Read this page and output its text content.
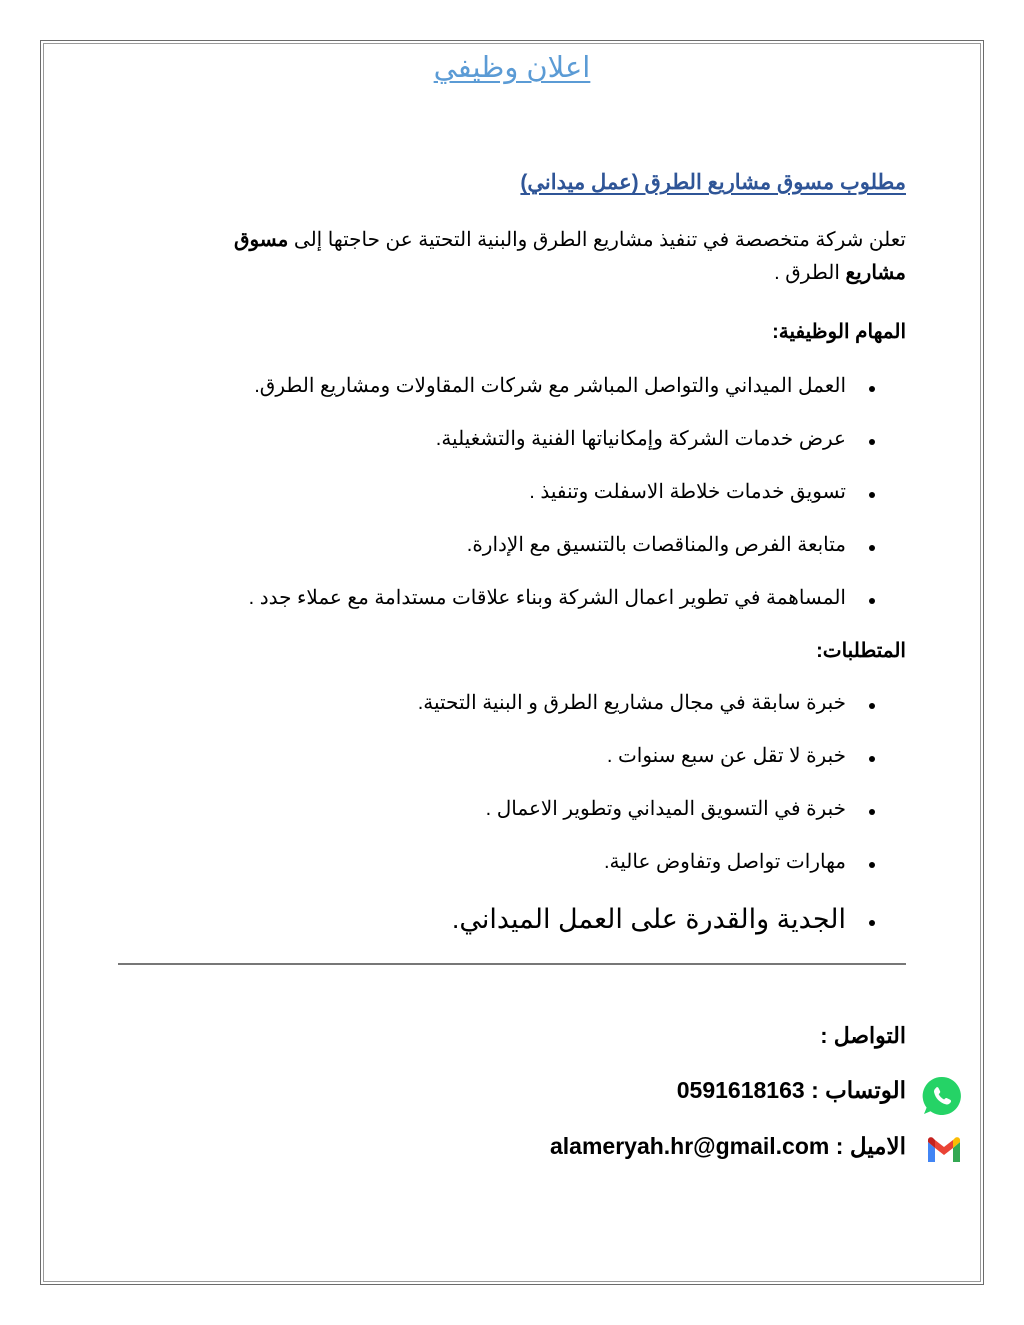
اعلان وظيفي
مطلوب مسوق مشاريع الطرق (عمل ميداني)
تعلن شركة متخصصة في تنفيذ مشاريع الطرق والبنية التحتية عن حاجتها إلى مسوق مشاريع الطرق .
المهام الوظيفية:
العمل الميداني والتواصل المباشر مع شركات المقاولات ومشاريع الطرق.
عرض خدمات الشركة وإمكانياتها الفنية والتشغيلية.
تسويق خدمات خلاطة الاسفلت وتنفيذ .
متابعة الفرص والمناقصات بالتنسيق مع الإدارة.
المساهمة في تطوير اعمال الشركة وبناء علاقات مستدامة مع عملاء جدد .
المتطلبات:
خبرة سابقة في مجال مشاريع الطرق و البنية التحتية.
خبرة لا تقل عن سبع سنوات .
خبرة في التسويق الميداني وتطوير الاعمال .
مهارات تواصل وتفاوض عالية.
الجدية والقدرة على العمل الميداني.
التواصل :
الوتساب : 0591618163
الاميل : alameryah.hr@gmail.com
